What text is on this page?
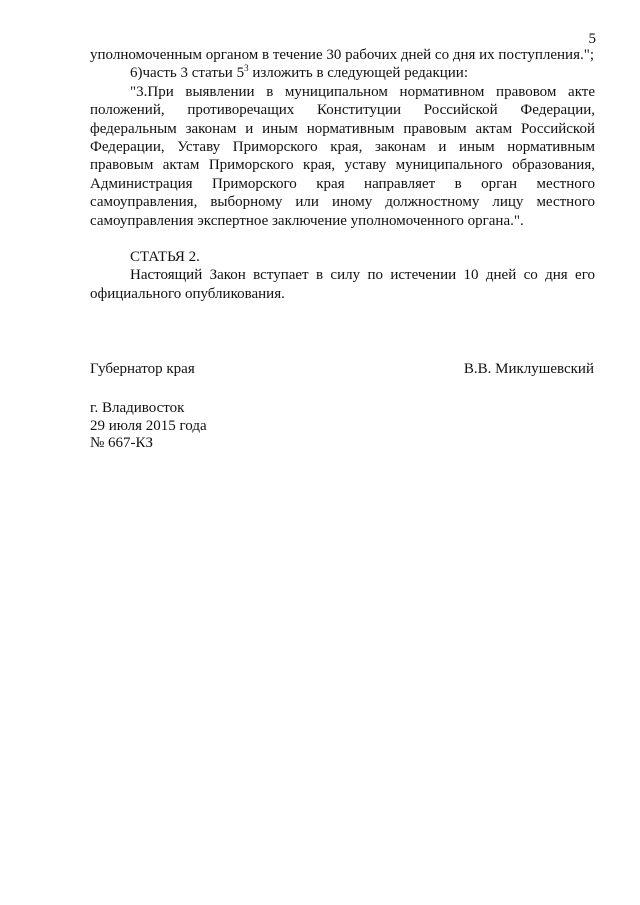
5

уполномоченным органом в течение 30 рабочих дней со дня их поступления.";

6)часть 3 статьи $5^3$ изложить в следующей редакции:

"3.При выявлении в муниципальном нормативном правовом акте положений, противоречащих Конституции Российской Федерации, федеральным законам и иным нормативным правовым актам Российской Федерации, Уставу Приморского края, законам и иным нормативным правовым актам Приморского края, уставу муниципального образования, Администрация Приморского края направляет в орган местного самоуправления, выборному или иному должностному лицу местного самоуправления экспертное заключение уполномоченного органа.".

СТАТЬЯ 2.

Настоящий Закон вступает в силу по истечении 10 дней со дня его официального опубликования.

Губернатор края	В.В. Миклушевский
г. Владивосток
29 июля 2015 года
№ 667-КЗ
